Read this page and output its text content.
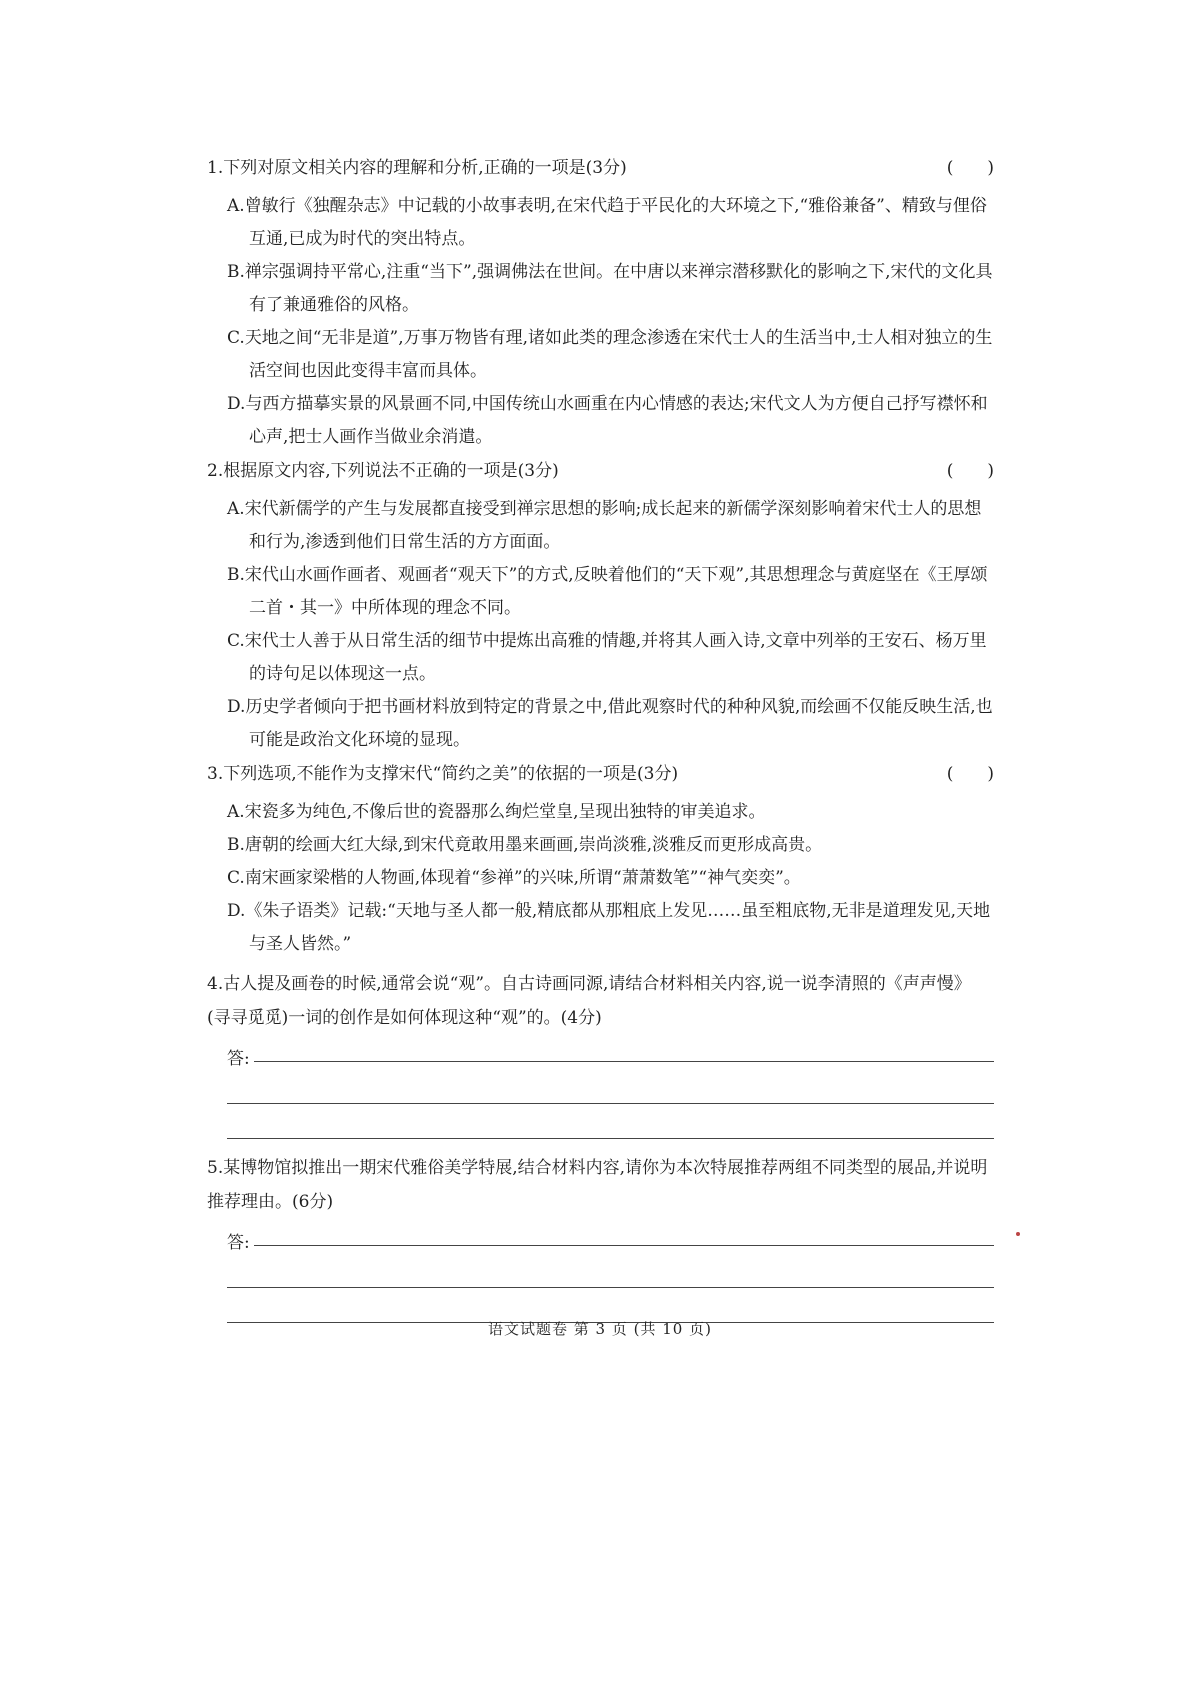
1.下列对原文相关内容的理解和分析,正确的一项是(3分)	(　　)
A.曾敏行《独醒杂志》中记载的小故事表明,在宋代趋于平民化的大环境之下,“雅俗兼备”、精致与俚俗互通,已成为时代的突出特点。
B.禅宗强调持平常心,注重“当下”,强调佛法在世间。在中唐以来禅宗潜移默化的影响之下,宋代的文化具有了兼通雅俗的风格。
C.天地之间“无非是道”,万事万物皆有理,诸如此类的理念渗透在宋代士人的生活当中,士人相对独立的生活空间也因此变得丰富而具体。
D.与西方描摹实景的风景画不同,中国传统山水画重在内心情感的表达;宋代文人为方便自己抒写襟怀和心声,把士人画作当做业余消遣。
2.根据原文内容,下列说法不正确的一项是(3分)	(　　)
A.宋代新儒学的产生与发展都直接受到禅宗思想的影响;成长起来的新儒学深刻影响着宋代士人的思想和行为,渗透到他们日常生活的方方面面。
B.宋代山水画作画者、观画者“观天下”的方式,反映着他们的“天下观”,其思想理念与黄庭坚在《王厚颂二首・其一》中所体现的理念不同。
C.宋代士人善于从日常生活的细节中提炼出高雅的情趣,并将其人画入诗,文章中列举的王安石、杨万里的诗句足以体现这一点。
D.历史学者倾向于把书画材料放到特定的背景之中,借此观察时代的种种风貌,而绘画不仅能反映生活,也可能是政治文化环境的显现。
3.下列选项,不能作为支撑宋代“简约之美”的依据的一项是(3分)	(　　)
A.宋瓷多为纯色,不像后世的瓷器那么绚烂堂皇,呈现出独特的审美追求。
B.唐朝的绘画大红大绿,到宋代竟敢用墨来画画,崇尚淡雅,淡雅反而更形成高贵。
C.南宋画家梁楷的人物画,体现着“参禅”的兴味,所谓“萧萧数笔”“神气奕奕”。
D.《朱子语类》记载:“天地与圣人都一般,精底都从那粗底上发见……虽至粗底物,无非是道理发见,天地与圣人皆然。”
4.古人提及画卷的时候,通常会说“观”。自古诗画同源,请结合材料相关内容,说一说李清照的《声声慢》(寻寻觅觅)一词的创作是如何体现这种“观”的。(4分)
答:
5.某博物馆拟推出一期宋代雅俗美学特展,结合材料内容,请你为本次特展推荐两组不同类型的展品,并说明推荐理由。(6分)
答:
语文试题卷 第 3 页 (共 10 页)
